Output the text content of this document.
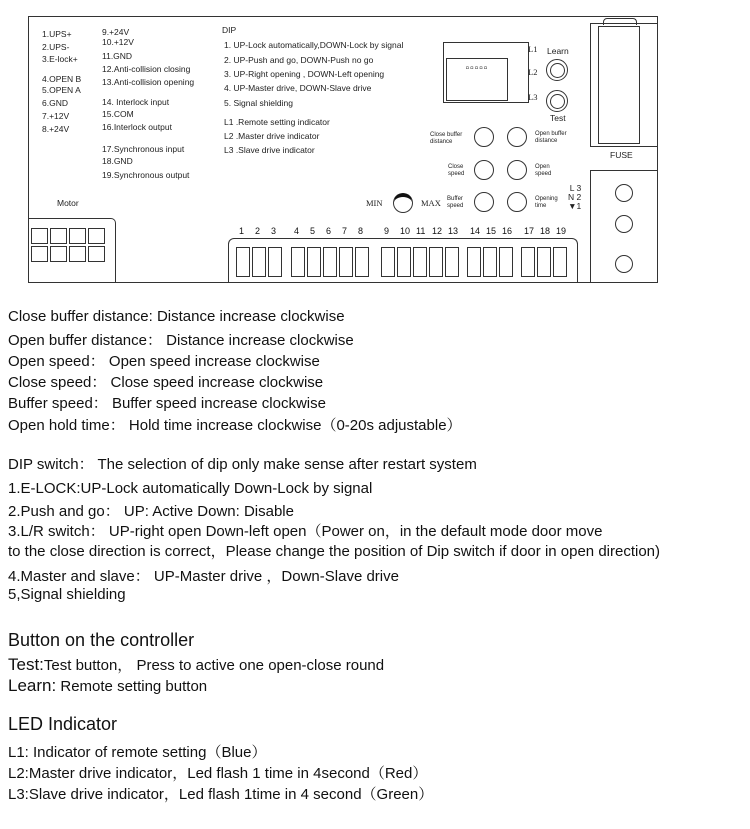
DIP
▫▫▫▫▫
L1
L2
L3
Learn
Test
Close buffer
distance
Open buffer
distance
Close
speed
Open
speed
Buffer
speed
Opening
time
MIN	MAX
L 3
N 2
▼1
FUSE
Motor
DIP switch： The selection of dip only make sense after restart system
Button on the controller
Test:Test button， Press to active one open-close round
Learn: Remote setting button
LED Indicator
1.UPS+
2.UPS-
3.E-lock+
4.OPEN B
5.OPEN A
6.GND
7.+12V
8.+24V
9.+24V
10.+12V
11.GND
12.Anti-collision closing
13.Anti-collision opening
14. Interlock input
15.COM
16.Interlock output
17.Synchronous input
18.GND
19.Synchronous output
1. UP-Lock automatically,DOWN-Lock by signal
2. UP-Push and go, DOWN-Push no go
3. UP-Right opening , DOWN-Left opening
4. UP-Master drive, DOWN-Slave drive
5. Signal shielding
L1 .Remote setting indicator
L2 .Master drive indicator
L3 .Slave drive indicator
1 2 3 4 5 6 7 8 9 10 11 12 13 14 15 16 17 18 19
Close buffer distance: Distance increase clockwise
Open buffer distance： Distance increase clockwise
Open speed： Open speed increase clockwise
Close speed： Close speed increase clockwise
Buffer speed： Buffer speed increase clockwise
Open hold time： Hold time increase clockwise（0-20s adjustable）
1.E-LOCK:UP-Lock automatically Down-Lock by signal
2.Push and go： UP: Active Down: Disable
3.L/R switch： UP-right open Down-left open（Power on，in the default mode door move
to the close direction is correct，Please change the position of Dip switch if door in open direction)
4.Master and slave： UP-Master drive ，Down-Slave drive
5,Signal shielding
L1: Indicator of remote setting（Blue）
L2:Master drive indicator，Led flash 1 time in 4second（Red）
L3:Slave drive indicator，Led flash 1time in 4 second（Green）
